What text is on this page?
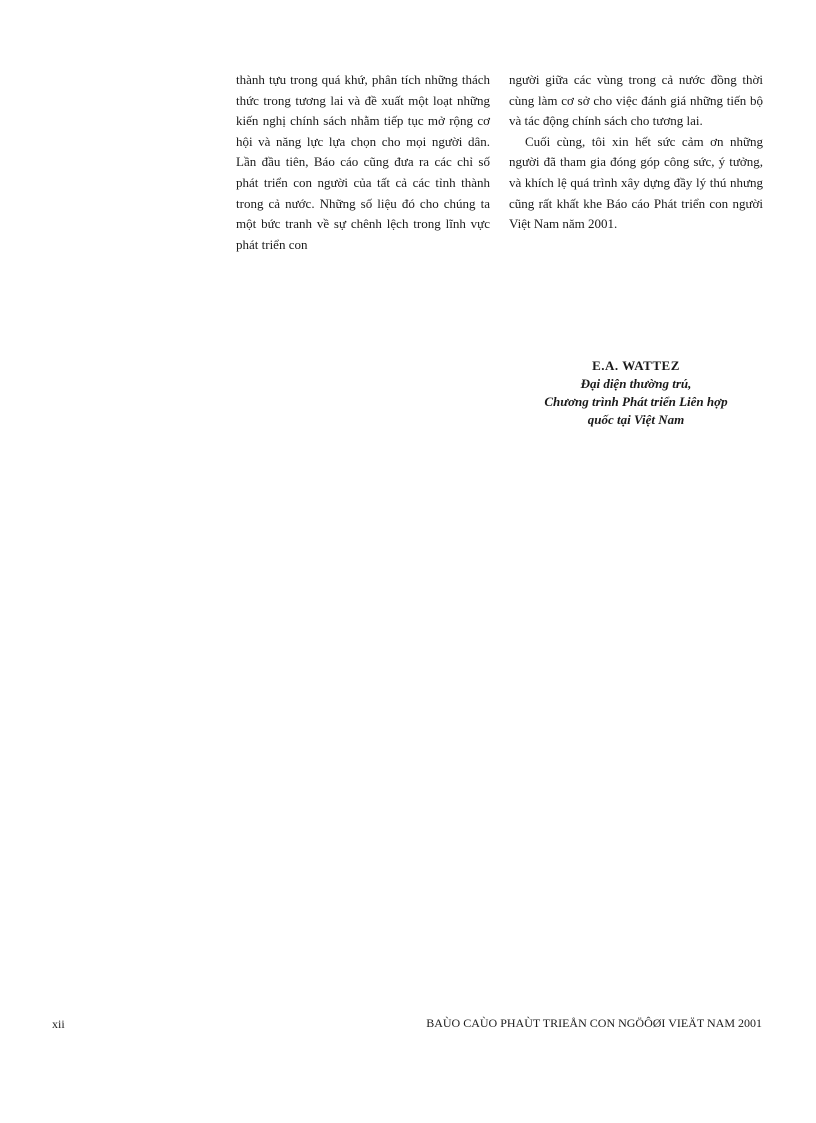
thành tựu trong quá khứ, phân tích những thách thức trong tương lai và đề xuất một loạt những kiến nghị chính sách nhằm tiếp tục mở rộng cơ hội và năng lực lựa chọn cho mọi người dân. Lần đầu tiên, Báo cáo cũng đưa ra các chỉ số phát triển con người của tất cả các tỉnh thành trong cả nước. Những số liệu đó cho chúng ta một bức tranh về sự chênh lệch trong lĩnh vực phát triển con

người giữa các vùng trong cả nước đồng thời cùng làm cơ sở cho việc đánh giá những tiến bộ và tác động chính sách cho tương lai.

Cuối cùng, tôi xin hết sức cảm ơn những người đã tham gia đóng góp công sức, ý tưởng, và khích lệ quá trình xây dựng đầy lý thú nhưng cũng rất khất khe Báo cáo Phát triển con người Việt Nam năm 2001.

E.A. WATTEZ
Đại diện thường trú,
Chương trình Phát triển Liên hợp
quốc tại Việt Nam
xii	BAÙO CAÙO PHAÙT TRIEÅN CON NGÖÔØI VIEÄT NAM 2001
